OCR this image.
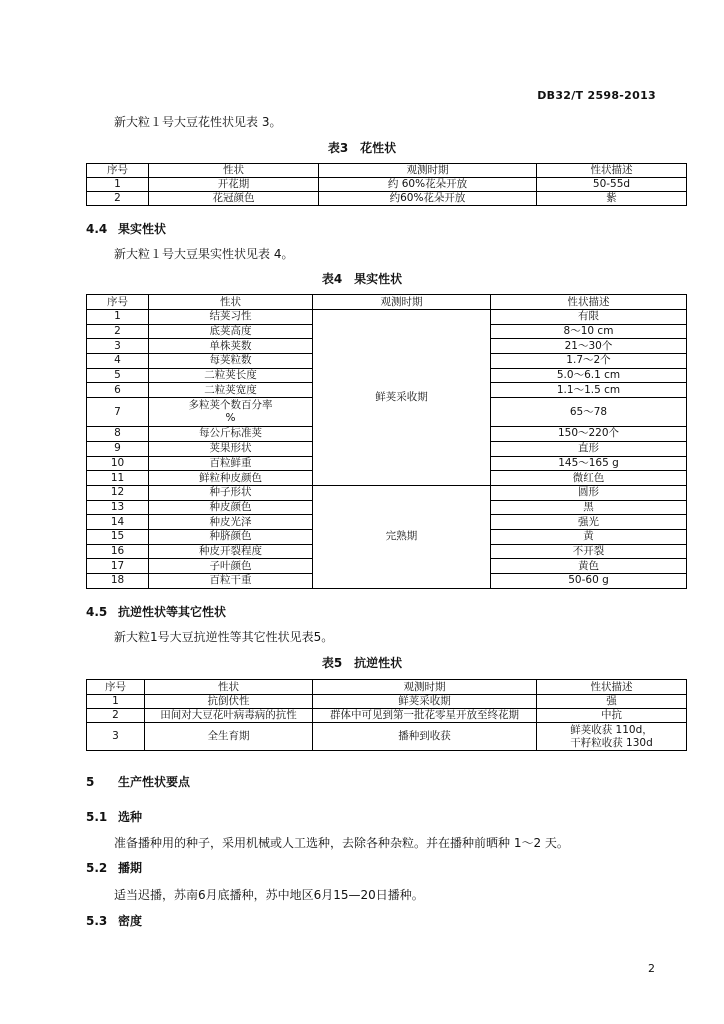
DB32/T 2598-2013
新大粒１号大豆花性状见表 3。
表3　花性状
序号	性状	观测时期	性状描述
1	开花期	约 60%花朵开放	50-55d
2	花冠颜色	约60%花朵开放	紫
4.4 果实性状
新大粒１号大豆果实性状见表 4。
表4　果实性状
序号	性状	观测时期	性状描述
1	结荚习性	鲜荚采收期	有限
2	底荚高度		8～10 cm
3	单株荚数		21～30个
4	每荚粒数		1.7～2个
5	二粒荚长度		5.0～6.1 cm
6	二粒荚宽度		1.1～1.5 cm
7	多粒荚个数百分率
%		65～78
8	每公斤标准荚		150～220个
9	荚果形状		直形
10	百粒鲜重		145～165 g
11	鲜粒种皮颜色		微红色
12	种子形状	完熟期	圆形
13	种皮颜色		黑
14	种皮光泽		强光
15	种脐颜色		黄
16	种皮开裂程度		不开裂
17	子叶颜色		黄色
18	百粒干重		50-60 g
4.5 抗逆性状等其它性状
新大粒1号大豆抗逆性等其它性状见表5。
表5　抗逆性状
序号	性状	观测时期	性状描述
1	抗倒伏性	鲜荚采收期	强
2	田间对大豆花叶病毒病的抗性	群体中可见到第一批花零星开放至终花期	中抗
3	全生育期	播种到收获	鲜荚收获 110d，
干籽粒收获 130d
5 生产性状要点
5.1 选种
准备播种用的种子，采用机械或人工选种，去除各种杂粒。并在播种前晒种 1～2 天。
5.2 播期
适当迟播，苏南6月底播种，苏中地区6月15—20日播种。
5.3 密度
2
